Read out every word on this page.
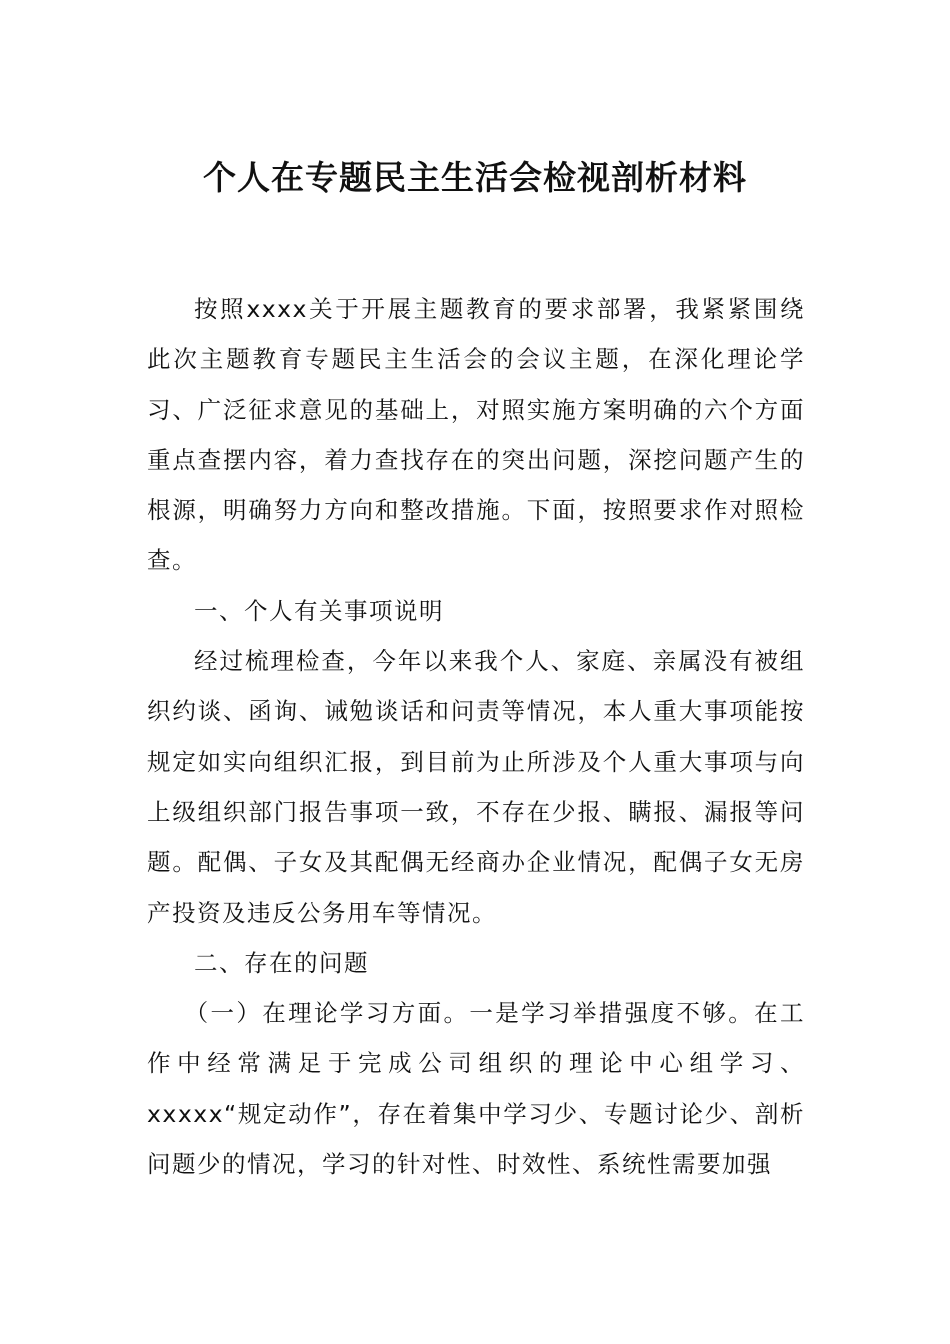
个人在专题民主生活会检视剖析材料

按照xxxx关于开展主题教育的要求部署，我紧紧围绕此次主题教育专题民主生活会的会议主题，在深化理论学习、广泛征求意见的基础上，对照实施方案明确的六个方面重点查摆内容，着力查找存在的突出问题，深挖问题产生的根源，明确努力方向和整改措施。下面，按照要求作对照检查。

一、个人有关事项说明

经过梳理检查，今年以来我个人、家庭、亲属没有被组织约谈、函询、诫勉谈话和问责等情况，本人重大事项能按规定如实向组织汇报，到目前为止所涉及个人重大事项与向上级组织部门报告事项一致，不存在少报、瞒报、漏报等问题。配偶、子女及其配偶无经商办企业情况，配偶子女无房产投资及违反公务用车等情况。

二、存在的问题

（一）在理论学习方面。一是学习举措强度不够。在工作中经常满足于完成公司组织的理论中心组学习、xxxxx“规定动作”，存在着集中学习少、专题讨论少、剖析问题少的情况，学习的针对性、时效性、系统性需要加强
